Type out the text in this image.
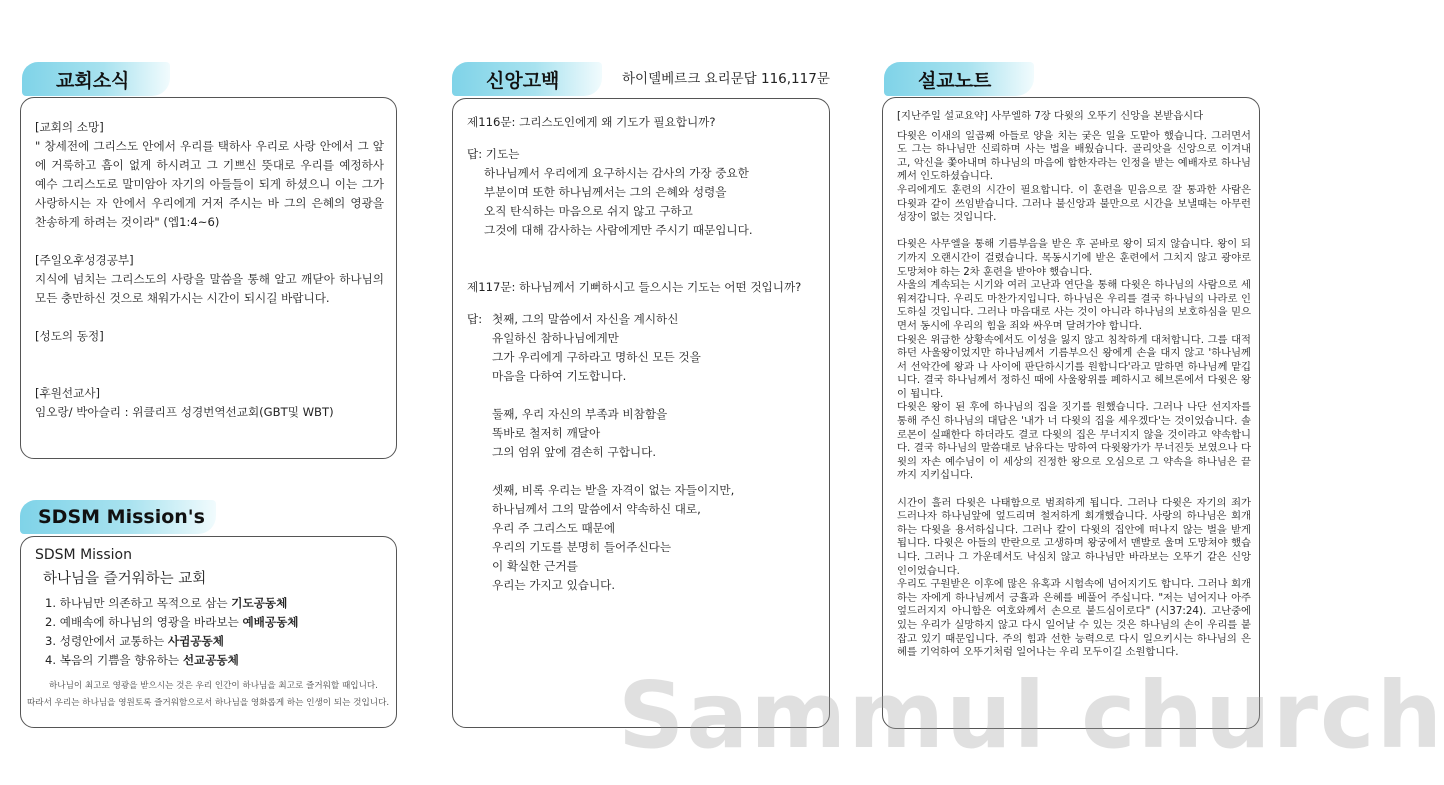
교회소식	신앙고백	하이델베르크 요리문답 116,117문	설교노트
SDSM Mission's
[교회의 소망]
" 창세전에 그리스도 안에서 우리를 택하사 우리로 사랑 안에서 그 앞에 거룩하고 흠이 없게 하시려고 그 기쁘신 뜻대로 우리를 예정하사 예수 그리스도로 말미암아 자기의 아들들이 되게 하셨으니 이는 그가 사랑하시는 자 안에서 우리에게 거저 주시는 바 그의 은혜의 영광을 찬송하게 하려는 것이라" (엡1:4~6)
[주일오후성경공부]
지식에 넘치는 그리스도의 사랑을 말씀을 통해 알고 깨닫아 하나님의 모든 충만하신 것으로 채워가시는 시간이 되시길 바랍니다.
[성도의 동정]
[후원선교사]
임오랑/ 박아슬리 : 위클리프 성경번역선교회(GBT및 WBT)
SDSM Mission
하나님을 즐거워하는 교회
1. 하나님만 의존하고 목적으로 삼는 기도공동체
2. 예배속에 하나님의 영광을 바라보는 예배공동체
3. 성령안에서 교통하는 사귐공동체
4. 복음의 기쁨을 향유하는 선교공동체
하나님이 최고로 영광을 받으시는 것은 우리 인간이 하나님을 최고로 즐거워할 때입니다.
따라서 우리는 하나님을 영원토록 즐거워함으로서 하나님을 영화롭게 하는 인생이 되는 것입니다.
제116문: 그리스도인에게 왜 기도가 필요합니까?
답: 기도는
하나님께서 우리에게 요구하시는 감사의 가장 중요한
부분이며 또한 하나님께서는 그의 은혜와 성령을
오직 탄식하는 마음으로 쉬지 않고 구하고
그것에 대해 감사하는 사람에게만 주시기 때문입니다.
제117문: 하나님께서 기뻐하시고 들으시는 기도는 어떤 것입니까?
답: 첫째, 그의 말씀에서 자신을 계시하신
유일하신 참하나님에게만
그가 우리에게 구하라고 명하신 모든 것을
마음을 다하여 기도합니다.
둘째, 우리 자신의 부족과 비참함을
똑바로 철저히 깨달아
그의 엄위 앞에 겸손히 구합니다.
셋째, 비록 우리는 받을 자격이 없는 자들이지만,
하나님께서 그의 말씀에서 약속하신 대로,
우리 주 그리스도 때문에
우리의 기도를 분명히 들어주신다는
이 확실한 근거를
우리는 가지고 있습니다.

[지난주일 설교요약] 사무엘하 7장 다윗의 오뚜기 신앙을 본받읍시다

다윗은 이새의 일곱째 아들로 양을 치는 궂은 일을 도맡아 했습니다. 그러면서도 그는 하나님만 신뢰하며 사는 법을 배웠습니다. 골리앗을 신앙으로 이겨내고, 악신을 쫓아내며 하나님의 마음에 합한자라는 인정을 받는 예배자로 하나님께서 인도하셨습니다.

우리에게도 훈련의 시간이 필요합니다. 이 훈련을 믿음으로 잘 통과한 사람은 다윗과 같이 쓰임받습니다. 그러나 불신앙과 불만으로 시간을 보낼때는 아무런 성장이 없는 것입니다.

다윗은 사무엘을 통해 기름부음을 받은 후 곧바로 왕이 되지 않습니다. 왕이 되기까지 오랜시간이 걸렸습니다. 목동시기에 받은 훈련에서 그치지 않고 광야로 도망쳐야 하는 2차 훈련을 받아야 했습니다.

사울의 계속되는 시기와 여러 고난과 연단을 통해 다윗은 하나님의 사람으로 세워져갑니다. 우리도 마찬가지입니다. 하나님은 우리를 결국 하나님의 나라로 인도하실 것입니다. 그러나 마음대로 사는 것이 아니라 하나님의 보호하심을 믿으면서 동시에 우리의 힘을 죄와 싸우며 달려가야 합니다.

다윗은 위급한 상황속에서도 이성을 잃지 않고 침착하게 대처합니다. 그를 대적하던 사울왕이었지만 하나님께서 기름부으신 왕에게 손을 대지 않고 '하나님께서 선악간에 왕과 나 사이에 판단하시기를 원합니다'라고 말하면 하나님께 맡깁니다. 결국 하나님께서 정하신 때에 사울왕위를 폐하시고 헤브론에서 다윗은 왕이 됩니다.

다윗은 왕이 된 후에 하나님의 집을 짓기를 원했습니다. 그러나 나단 선지자를 통해 주신 하나님의 대답은 '내가 너 다윗의 집을 세우겠다'는 것이었습니다. 솔로몬이 실패한다 하더라도 결코 다윗의 집은 무너지지 않을 것이라고 약속합니다. 결국 하나님의 말씀대로 남유다는 망하여 다윗왕가가 무너진듯 보였으나 다윗의 자손 예수님이 이 세상의 진정한 왕으로 오심으로 그 약속을 하나님은 끝까지 지키십니다.

시간이 흘러 다윗은 나태함으로 범죄하게 됩니다. 그러나 다윗은 자기의 죄가 드러나자 하나님앞에 엎드리며 철저하게 회개했습니다. 사랑의 하나님은 회개하는 다윗을 용서하십니다. 그러나 칼이 다윗의 집안에 떠나지 않는 벌을 받게 됩니다. 다윗은 아들의 반란으로 고생하며 왕궁에서 맨발로 울며 도망쳐야 했습니다. 그러나 그 가운데서도 낙심치 않고 하나님만 바라보는 오뚜기 같은 신앙인이었습니다.

우리도 구원받은 이후에 많은 유혹과 시험속에 넘어지기도 합니다. 그러나 회개하는 자에게 하나님께서 긍휼과 은혜를 베풀어 주십니다. "저는 넘어지나 아주 엎드러지지 아니함은 여호와께서 손으로 붙드심이로다" (시37:24). 고난중에 있는 우리가 실망하지 않고 다시 일어날 수 있는 것은 하나님의 손이 우리를 붙잡고 있기 때문입니다. 주의 힘과 선한 능력으로 다시 일으키시는 하나님의 은혜를 기억하여 오뚜기처럼 일어나는 우리 모두이길 소원합니다.

Sammul church
